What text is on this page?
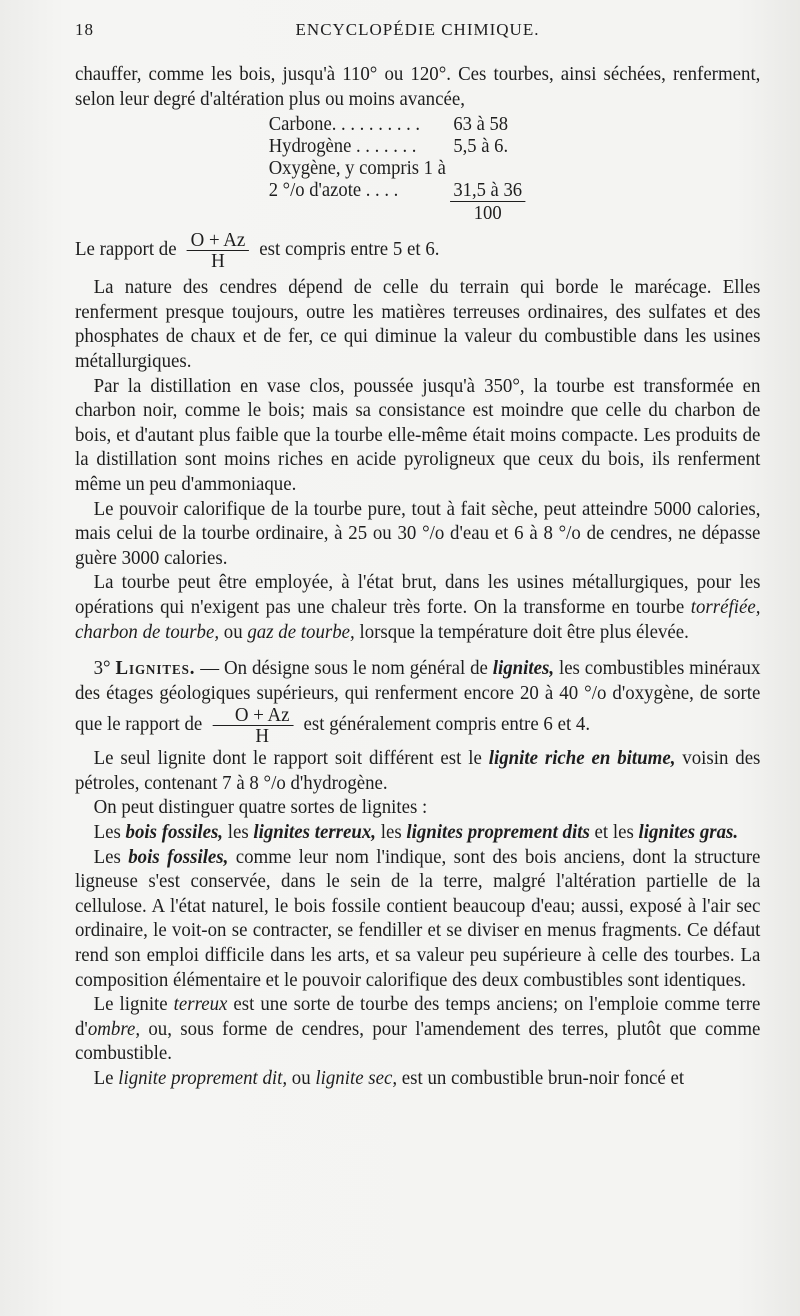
18	ENCYCLOPÉDIE CHIMIQUE.

chauffer, comme les bois, jusqu'à 110° ou 120°. Ces tourbes, ainsi séchées, renferment, selon leur degré d'altération plus ou moins avancée,

Carbone. . . . . . . . . .	63 à 58
Hydrogène . . . . . . .	5,5 à 6.
Oxygène, y compris 1 à	
2 °/o d'azote . . . .	31,5 à 36
	100
Le rapport de $\frac{O + Az}{H}$ est compris entre 5 et 6.

La nature des cendres dépend de celle du terrain qui borde le marécage. Elles renferment presque toujours, outre les matières terreuses ordinaires, des sulfates et des phosphates de chaux et de fer, ce qui diminue la valeur du combustible dans les usines métallurgiques.

Par la distillation en vase clos, poussée jusqu'à 350°, la tourbe est transformée en charbon noir, comme le bois; mais sa consistance est moindre que celle du charbon de bois, et d'autant plus faible que la tourbe elle-même était moins compacte. Les produits de la distillation sont moins riches en acide pyroligneux que ceux du bois, ils renferment même un peu d'ammoniaque.

Le pouvoir calorifique de la tourbe pure, tout à fait sèche, peut atteindre 5000 calories, mais celui de la tourbe ordinaire, à 25 ou 30 °/o d'eau et 6 à 8 °/o de cendres, ne dépasse guère 3000 calories.

La tourbe peut être employée, à l'état brut, dans les usines métallurgiques, pour les opérations qui n'exigent pas une chaleur très forte. On la transforme en tourbe torréfiée, charbon de tourbe, ou gaz de tourbe, lorsque la température doit être plus élevée.

3° Lignites. — On désigne sous le nom général de lignites, les combustibles minéraux des étages géologiques supérieurs, qui renferment encore 20 à 40 °/o d'oxygène, de sorte que le rapport de $\frac{O + Az}{H}$ est généralement compris entre 6 et 4.

Le seul lignite dont le rapport soit différent est le lignite riche en bitume, voisin des pétroles, contenant 7 à 8 °/o d'hydrogène.

On peut distinguer quatre sortes de lignites :

Les bois fossiles, les lignites terreux, les lignites proprement dits et les lignites gras.

Les bois fossiles, comme leur nom l'indique, sont des bois anciens, dont la structure ligneuse s'est conservée, dans le sein de la terre, malgré l'altération partielle de la cellulose. A l'état naturel, le bois fossile contient beaucoup d'eau; aussi, exposé à l'air sec ordinaire, le voit-on se contracter, se fendiller et se diviser en menus fragments. Ce défaut rend son emploi difficile dans les arts, et sa valeur peu supérieure à celle des tourbes. La composition élémentaire et le pouvoir calorifique des deux combustibles sont identiques.

Le lignite terreux est une sorte de tourbe des temps anciens; on l'emploie comme terre d'ombre, ou, sous forme de cendres, pour l'amendement des terres, plutôt que comme combustible.

Le lignite proprement dit, ou lignite sec, est un combustible brun-noir foncé et
